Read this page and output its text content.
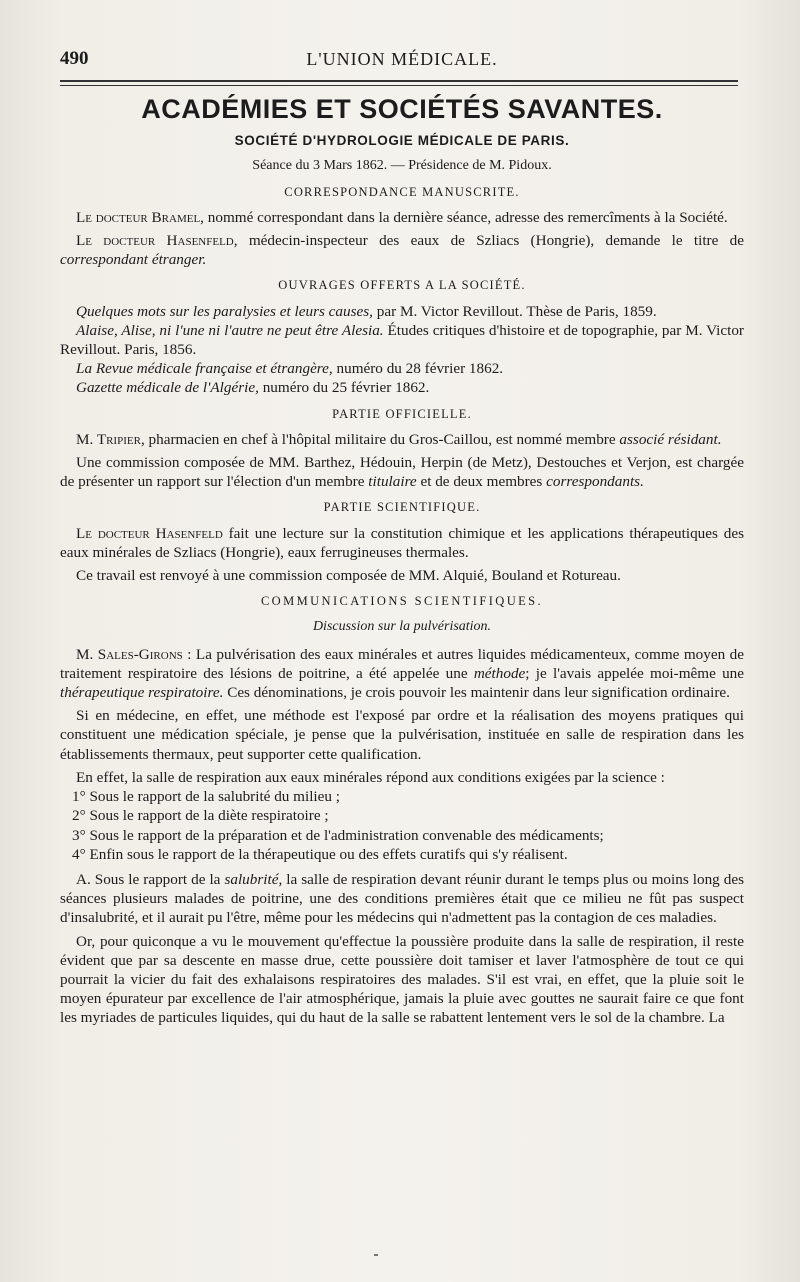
490	L'UNION MÉDICALE.
ACADÉMIES ET SOCIÉTÉS SAVANTES.
SOCIÉTÉ D'HYDROLOGIE MÉDICALE DE PARIS.
Séance du 3 Mars 1862. — Présidence de M. Pidoux.
CORRESPONDANCE MANUSCRITE.

Le docteur Bramel, nommé correspondant dans la dernière séance, adresse des remercîments à la Société.

Le docteur Hasenfeld, médecin-inspecteur des eaux de Szliacs (Hongrie), demande le titre de correspondant étranger.

OUVRAGES OFFERTS A LA SOCIÉTÉ.

Quelques mots sur les paralysies et leurs causes, par M. Victor Revillout. Thèse de Paris, 1859.

Alaise, Alise, ni l'une ni l'autre ne peut être Alesia. Études critiques d'histoire et de topographie, par M. Victor Revillout. Paris, 1856.

La Revue médicale française et étrangère, numéro du 28 février 1862.

Gazette médicale de l'Algérie, numéro du 25 février 1862.

PARTIE OFFICIELLE.

M. Tripier, pharmacien en chef à l'hôpital militaire du Gros-Caillou, est nommé membre associé résidant.

Une commission composée de MM. Barthez, Hédouin, Herpin (de Metz), Destouches et Verjon, est chargée de présenter un rapport sur l'élection d'un membre titulaire et de deux membres correspondants.

PARTIE SCIENTIFIQUE.

Le docteur Hasenfeld fait une lecture sur la constitution chimique et les applications thérapeutiques des eaux minérales de Szliacs (Hongrie), eaux ferrugineuses thermales.

Ce travail est renvoyé à une commission composée de MM. Alquié, Bouland et Rotureau.

COMMUNICATIONS SCIENTIFIQUES.
Discussion sur la pulvérisation.

M. Sales-Girons : La pulvérisation des eaux minérales et autres liquides médicamenteux, comme moyen de traitement respiratoire des lésions de poitrine, a été appelée une méthode; je l'avais appelée moi-même une thérapeutique respiratoire. Ces dénominations, je crois pouvoir les maintenir dans leur signification ordinaire.

Si en médecine, en effet, une méthode est l'exposé par ordre et la réalisation des moyens pratiques qui constituent une médication spéciale, je pense que la pulvérisation, instituée en salle de respiration dans les établissements thermaux, peut supporter cette qualification.

En effet, la salle de respiration aux eaux minérales répond aux conditions exigées par la science :

1° Sous le rapport de la salubrité du milieu ;
2° Sous le rapport de la diète respiratoire ;
3° Sous le rapport de la préparation et de l'administration convenable des médicaments;
4° Enfin sous le rapport de la thérapeutique ou des effets curatifs qui s'y réalisent.

A. Sous le rapport de la salubrité, la salle de respiration devant réunir durant le temps plus ou moins long des séances plusieurs malades de poitrine, une des conditions premières était que ce milieu ne fût pas suspect d'insalubrité, et il aurait pu l'être, même pour les médecins qui n'admettent pas la contagion de ces maladies.

Or, pour quiconque a vu le mouvement qu'effectue la poussière produite dans la salle de respiration, il reste évident que par sa descente en masse drue, cette poussière doit tamiser et laver l'atmosphère de tout ce qui pourrait la vicier du fait des exhalaisons respiratoires des malades. S'il est vrai, en effet, que la pluie soit le moyen épurateur par excellence de l'air atmosphérique, jamais la pluie avec gouttes ne saurait faire ce que font les myriades de particules liquides, qui du haut de la salle se rabattent lentement vers le sol de la chambre. La
